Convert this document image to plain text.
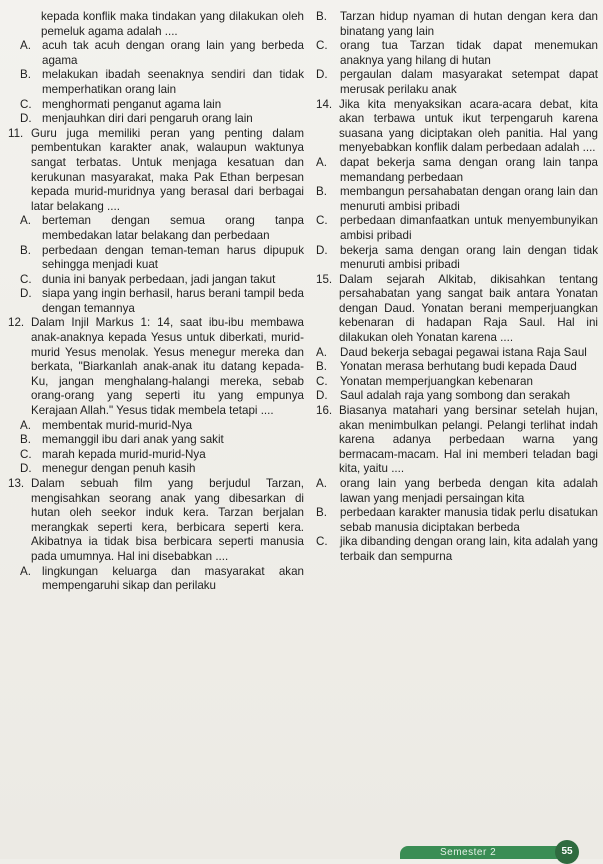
kepada konflik maka tindakan yang dilakukan oleh pemeluk agama adalah ....
A. acuh tak acuh dengan orang lain yang berbeda agama
B. melakukan ibadah seenaknya sendiri dan tidak memperhatikan orang lain
C. menghormati penganut agama lain
D. menjauhkan diri dari pengaruh orang lain
11. Guru juga memiliki peran yang penting dalam pembentukan karakter anak, walaupun waktunya sangat terbatas. Untuk menjaga kesatuan dan kerukunan masyarakat, maka Pak Ethan berpesan kepada murid-muridnya yang berasal dari berbagai latar belakang ....
A. berteman dengan semua orang tanpa membedakan latar belakang dan perbedaan
B. perbedaan dengan teman-teman harus dipupuk sehingga menjadi kuat
C. dunia ini banyak perbedaan, jadi jangan takut
D. siapa yang ingin berhasil, harus berani tampil beda dengan temannya
12. Dalam Injil Markus 1: 14, saat ibu-ibu membawa anak-anaknya kepada Yesus untuk diberkati, murid-murid Yesus menolak. Yesus menegur mereka dan berkata, "Biarkanlah anak-anak itu datang kepada-Ku, jangan menghalang-halangi mereka, sebab orang-orang yang seperti itu yang empunya Kerajaan Allah." Yesus tidak membela tetapi ....
A. membentak murid-murid-Nya
B. memanggil ibu dari anak yang sakit
C. marah kepada murid-murid-Nya
D. menegur dengan penuh kasih
13. Dalam sebuah film yang berjudul Tarzan, mengisahkan seorang anak yang dibesarkan di hutan oleh seekor induk kera. Tarzan berjalan merangkak seperti kera, berbicara seperti kera. Akibatnya ia tidak bisa berbicara seperti manusia pada umumnya. Hal ini disebabkan ....
A. lingkungan keluarga dan masyarakat akan mempengaruhi sikap dan perilaku
B.	Tarzan hidup nyaman di hutan dengan kera dan binatang yang lain
C.	orang tua Tarzan tidak dapat menemukan anaknya yang hilang di hutan
D.	pergaulan dalam masyarakat setempat dapat merusak perilaku anak
14. Jika kita menyaksikan acara-acara debat, kita akan terbawa untuk ikut terpengaruh karena suasana yang diciptakan oleh panitia. Hal yang menyebabkan konflik dalam perbedaan adalah ....
A.	dapat bekerja sama dengan orang lain tanpa memandang perbedaan
B.	membangun persahabatan dengan orang lain dan menuruti ambisi pribadi
C.	perbedaan dimanfaatkan untuk menyembunyikan ambisi pribadi
D.	bekerja sama dengan orang lain dengan tidak menuruti ambisi pribadi
15. Dalam sejarah Alkitab, dikisahkan tentang persahabatan yang sangat baik antara Yonatan dengan Daud. Yonatan berani memperjuangkan kebenaran di hadapan Raja Saul. Hal ini dilakukan oleh Yonatan karena ....
A.	Daud bekerja sebagai pegawai istana Raja Saul
B.	Yonatan merasa berhutang budi kepada Daud
C.	Yonatan memperjuangkan kebenaran
D.	Saul adalah raja yang sombong dan serakah
16. Biasanya matahari yang bersinar setelah hujan, akan menimbulkan pelangi. Pelangi terlihat indah karena adanya perbedaan warna yang bermacam-macam. Hal ini memberi teladan bagi kita, yaitu ....
A.	orang lain yang berbeda dengan kita adalah lawan yang menjadi persaingan kita
B.	perbedaan karakter manusia tidak perlu disatukan sebab manusia diciptakan berbeda
C.	jika dibanding dengan orang lain, kita adalah yang terbaik dan sempurna
Semester 2	55
